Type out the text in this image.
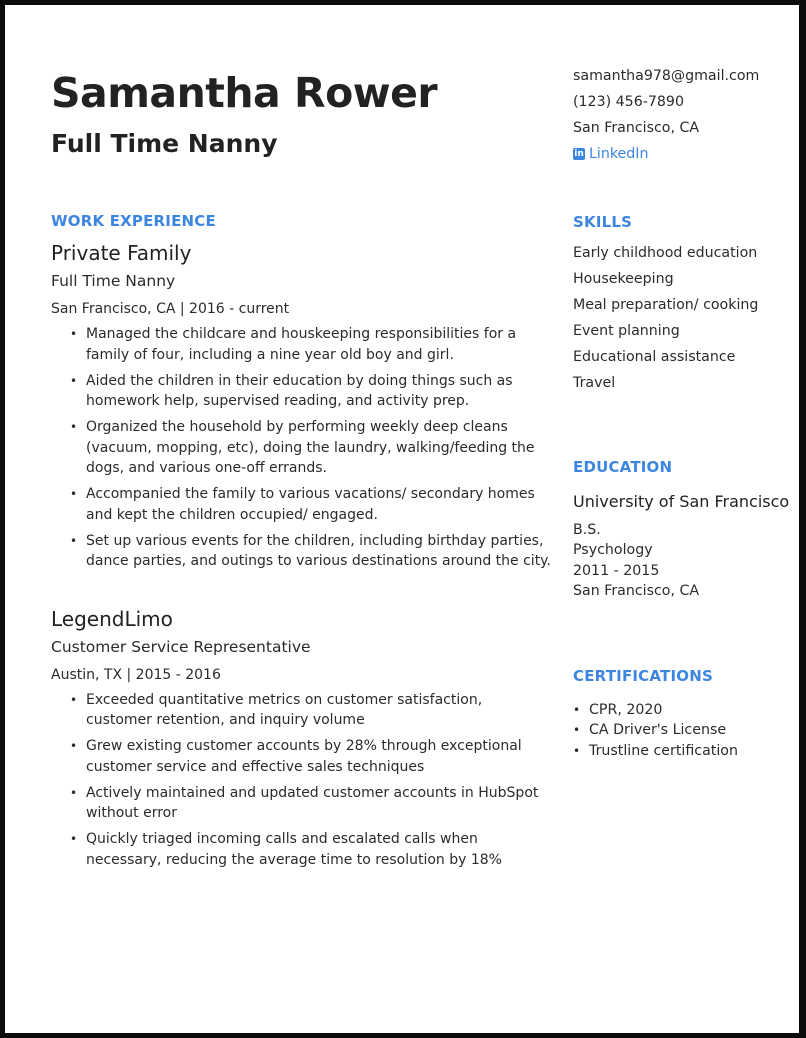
Samantha Rower
Full Time Nanny
WORK EXPERIENCE
Private Family
Full Time Nanny
San Francisco, CA | 2016 - current
• Managed the childcare and houskeeping responsibilities for a family of four, including a nine year old boy and girl.
• Aided the children in their education by doing things such as homework help, supervised reading, and activity prep.
• Organized the household by performing weekly deep cleans (vacuum, mopping, etc), doing the laundry, walking/feeding the dogs, and various one-off errands.
• Accompanied the family to various vacations/ secondary homes and kept the children occupied/ engaged.
• Set up various events for the children, including birthday parties, dance parties, and outings to various destinations around the city.
LegendLimo
Customer Service Representative
Austin, TX | 2015 - 2016
• Exceeded quantitative metrics on customer satisfaction, customer retention, and inquiry volume
• Grew existing customer accounts by 28% through exceptional customer service and effective sales techniques
• Actively maintained and updated customer accounts in HubSpot without error
• Quickly triaged incoming calls and escalated calls when necessary, reducing the average time to resolution by 18%
samantha978@gmail.com
(123) 456-7890
San Francisco, CA
in LinkedIn
SKILLS
Early childhood education
Housekeeping
Meal preparation/ cooking
Event planning
Educational assistance
Travel
EDUCATION
University of San Francisco
B.S.
Psychology
2011 - 2015
San Francisco, CA
CERTIFICATIONS
• CPR, 2020
• CA Driver's License
• Trustline certification
